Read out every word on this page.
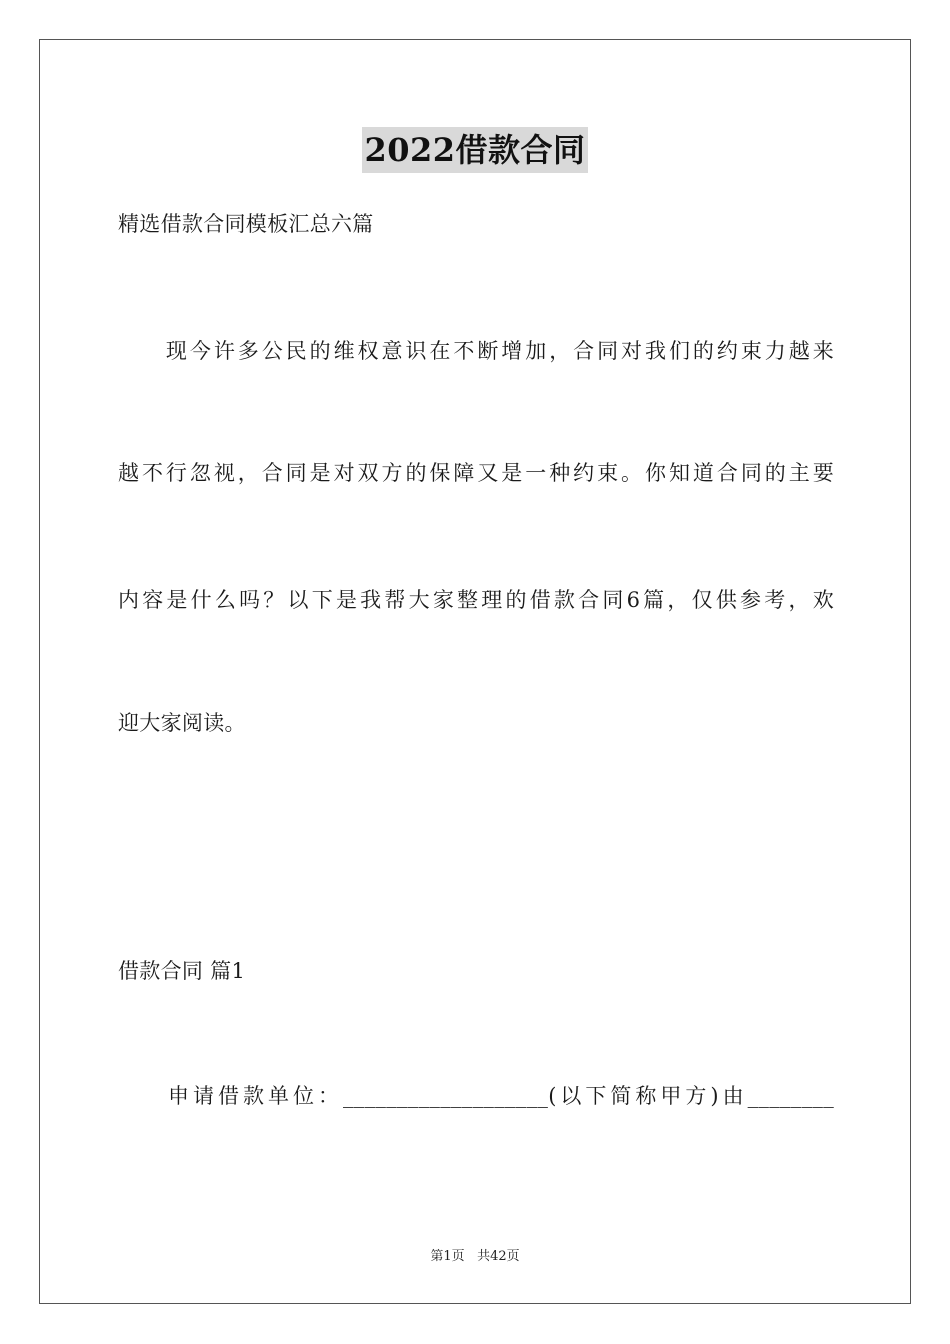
2022借款合同
精选借款合同模板汇总六篇
　　现今许多公民的维权意识在不断增加，合同对我们的约束力越来
越不行忽视，合同是对双方的保障又是一种约束。你知道合同的主要
内容是什么吗？以下是我帮大家整理的借款合同6篇，仅供参考，欢
迎大家阅读。
借款合同 篇1
　　申请借款单位：___________________(以下简称甲方)由________
第1页 共42页
